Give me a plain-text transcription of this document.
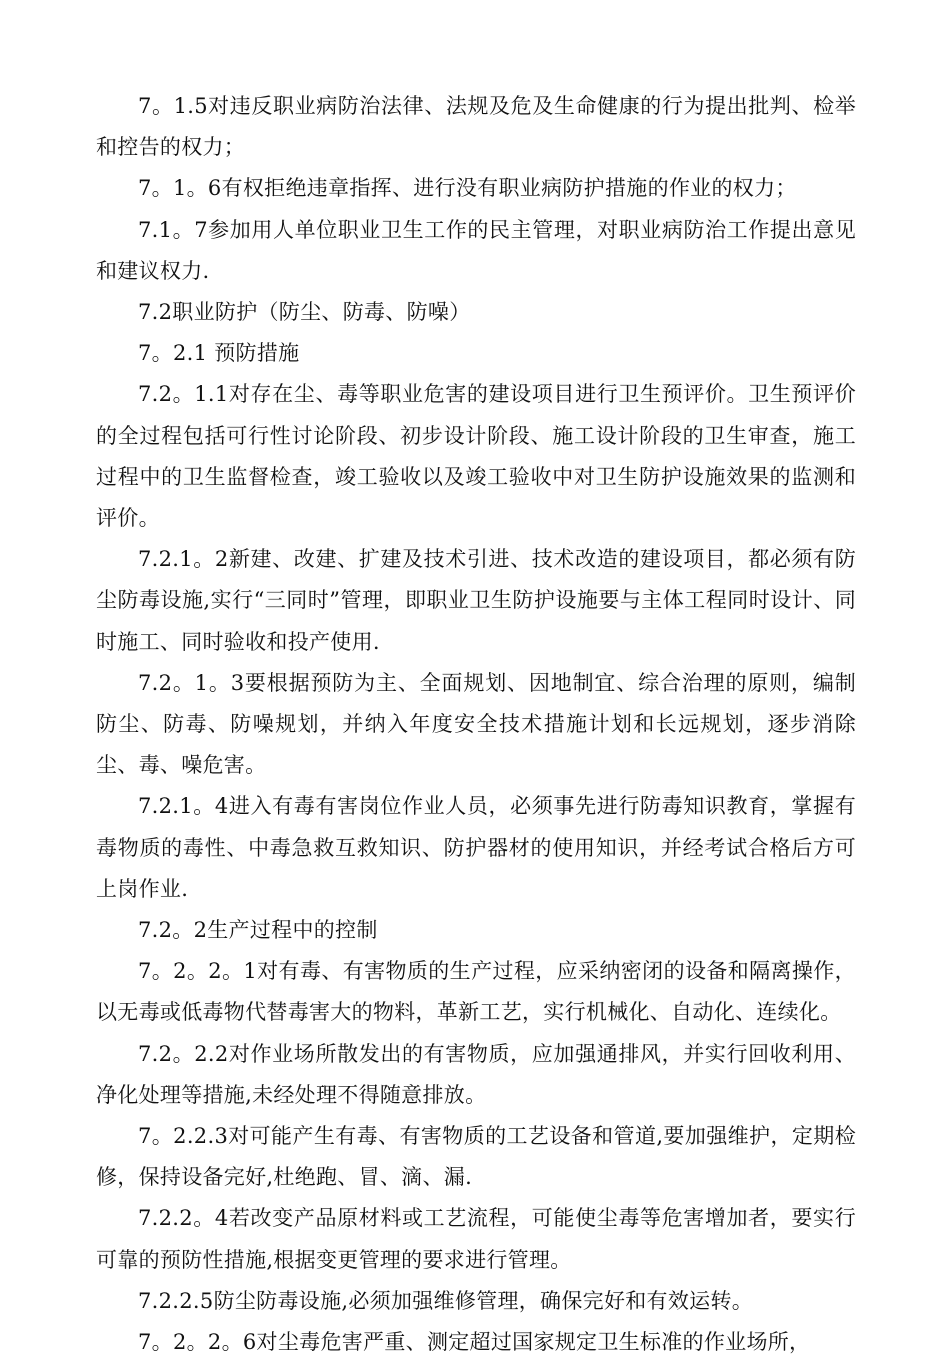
7。1.5对违反职业病防治法律、法规及危及生命健康的行为提出批判、检举和控告的权力；

7。1。6有权拒绝违章指挥、进行没有职业病防护措施的作业的权力；

7.1。7参加用人单位职业卫生工作的民主管理，对职业病防治工作提出意见和建议权力.

7.2职业防护（防尘、防毒、防噪）

7。2.1 预防措施

7.2。1.1对存在尘、毒等职业危害的建设项目进行卫生预评价。卫生预评价的全过程包括可行性讨论阶段、初步设计阶段、施工设计阶段的卫生审查，施工过程中的卫生监督检查，竣工验收以及竣工验收中对卫生防护设施效果的监测和评价。

7.2.1。2新建、改建、扩建及技术引进、技术改造的建设项目，都必须有防尘防毒设施,实行“三同时”管理，即职业卫生防护设施要与主体工程同时设计、同时施工、同时验收和投产使用.

7.2。1。3要根据预防为主、全面规划、因地制宜、综合治理的原则，编制防尘、防毒、防噪规划，并纳入年度安全技术措施计划和长远规划，逐步消除尘、毒、噪危害。

7.2.1。4进入有毒有害岗位作业人员，必须事先进行防毒知识教育，掌握有毒物质的毒性、中毒急救互救知识、防护器材的使用知识，并经考试合格后方可上岗作业.

7.2。2生产过程中的控制

7。2。2。1对有毒、有害物质的生产过程，应采纳密闭的设备和隔离操作，以无毒或低毒物代替毒害大的物料，革新工艺，实行机械化、自动化、连续化。

7.2。2.2对作业场所散发出的有害物质，应加强通排风，并实行回收利用、净化处理等措施,未经处理不得随意排放。

7。2.2.3对可能产生有毒、有害物质的工艺设备和管道,要加强维护，定期检修，保持设备完好,杜绝跑、冒、滴、漏.

7.2.2。4若改变产品原材料或工艺流程，可能使尘毒等危害增加者，要实行可靠的预防性措施,根据变更管理的要求进行管理。

7.2.2.5防尘防毒设施,必须加强维修管理，确保完好和有效运转。

7。2。2。6对尘毒危害严重、测定超过国家规定卫生标准的作业场所，
